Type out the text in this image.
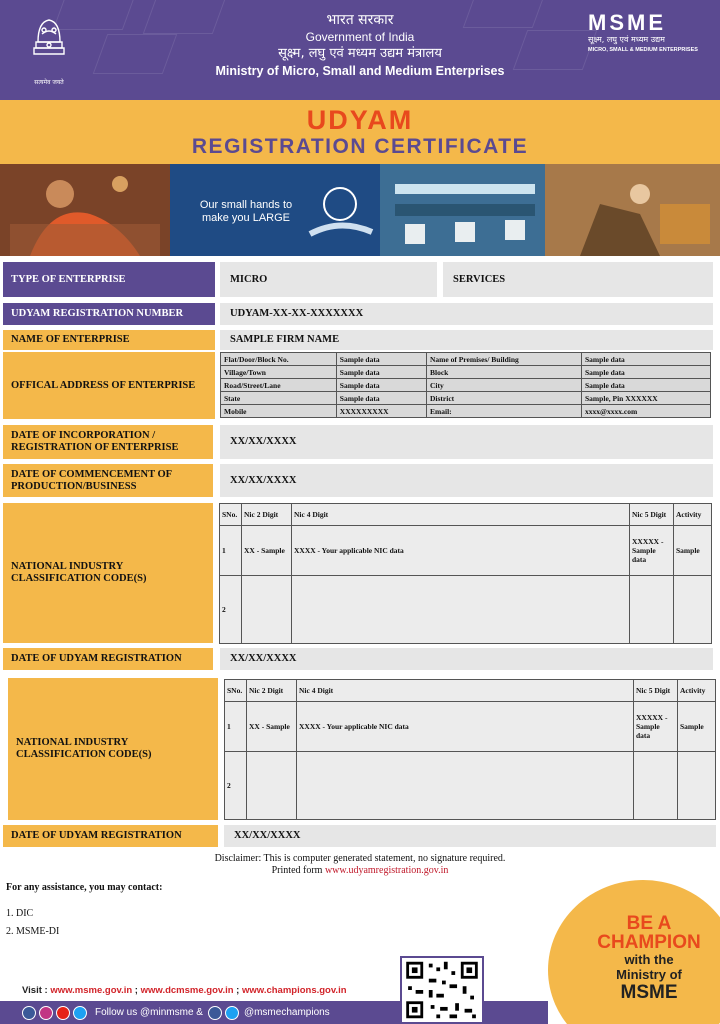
सत्यमेव जयते
भारत सरकार
Government of India
सूक्ष्म, लघु एवं मध्यम उद्यम मंत्रालय
Ministry of Micro, Small and Medium Enterprises
MSME
सूक्ष्म, लघु एवं मध्यम उद्यम
MICRO, SMALL & MEDIUM ENTERPRISES
UDYAM
REGISTRATION CERTIFICATE
Our small hands to make you LARGE
TYPE OF ENTERPRISE	MICRO	SERVICES
UDYAM REGISTRATION NUMBER	UDYAM-XX-XX-XXXXXXX
NAME OF ENTERPRISE	SAMPLE FIRM NAME
OFFICAL ADDRESS OF ENTERPRISE
Flat/Door/Block No.	Sample data	Name of Premises/ Building	Sample data
Village/Town	Sample data	Block	Sample data
Road/Street/Lane	Sample data	City	Sample data
State	Sample data	District	Sample, Pin XXXXXX
Mobile	XXXXXXXXX	Email:	xxxx@xxxx.com
DATE OF INCORPORATION / REGISTRATION OF ENTERPRISE
XX/XX/XXXX
DATE OF COMMENCEMENT OF PRODUCTION/BUSINESS
XX/XX/XXXX
NATIONAL INDUSTRY CLASSIFICATION CODE(S)
SNo.	Nic 2 Digit	Nic 4 Digit	Nic 5 Digit	Activity
1	XX - Sample	XXXX - Your applicable NIC data	XXXXX - Sample data	Sample
2				
DATE OF UDYAM REGISTRATION	XX/XX/XXXX
NATIONAL INDUSTRY CLASSIFICATION CODE(S)
SNo.	Nic 2 Digit	Nic 4 Digit	Nic 5 Digit	Activity
1	XX - Sample	XXXX - Your applicable NIC data	XXXXX - Sample data	Sample
2				
DATE OF UDYAM REGISTRATION	XX/XX/XXXX
Disclaimer: This is computer generated statement, no signature required.
Printed form www.udyamregistration.gov.in
For any assistance, you may contact:
1. DIC
2. MSME-DI	BE A
CHAMPION
with the
Ministry of
MSME
Visit : www.msme.gov.in ; www.dcmsme.gov.in ; www.champions.gov.in
Follow us @minmsme &	@msmechampions
